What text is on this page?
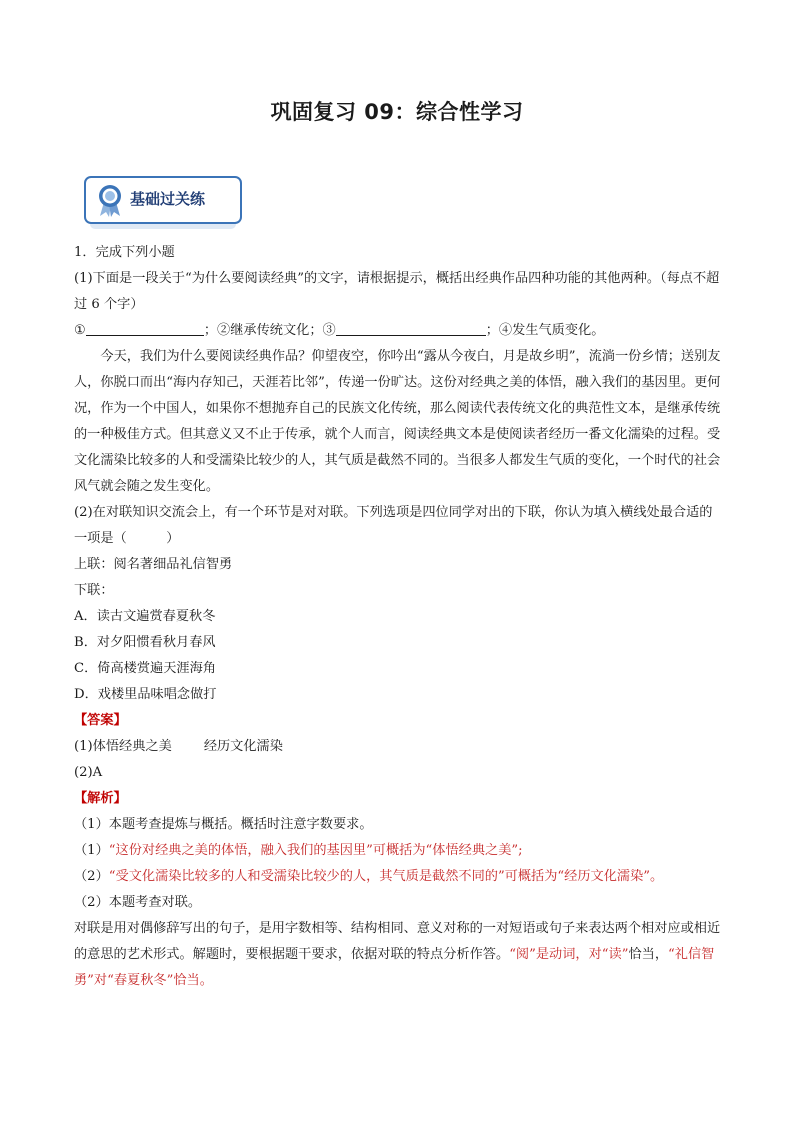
巩固复习 09：综合性学习
基础过关练

1．完成下列小题

(1)下面是一段关于“为什么要阅读经典”的文字，请根据提示，概括出经典作品四种功能的其他两种。（每点不超过 6 个字）

①	；②继承传统文化；③	；④发生气质变化。

今天，我们为什么要阅读经典作品？仰望夜空，你吟出“露从今夜白，月是故乡明”，流淌一份乡情；送别友人，你脱口而出“海内存知己，天涯若比邻”，传递一份旷达。这份对经典之美的体悟，融入我们的基因里。更何况，作为一个中国人，如果你不想抛弃自己的民族文化传统，那么阅读代表传统文化的典范性文本，是继承传统的一种极佳方式。但其意义又不止于传承，就个人而言，阅读经典文本是使阅读者经历一番文化濡染的过程。受文化濡染比较多的人和受濡染比较少的人，其气质是截然不同的。当很多人都发生气质的变化，一个时代的社会风气就会随之发生变化。

(2)在对联知识交流会上，有一个环节是对对联。下列选项是四位同学对出的下联，你认为填入横线处最合适的一项是（　　　）

上联：阅名著细品礼信智勇

下联：

A．读古文遍赏春夏秋冬

B．对夕阳惯看秋月春风

C．倚高楼赏遍天涯海角

D．戏楼里品味唱念做打

【答案】

(1)体悟经典之美 经历文化濡染

(2)A

【解析】

（1）本题考查提炼与概括。概括时注意字数要求。

（1）“这份对经典之美的体悟，融入我们的基因里”可概括为“体悟经典之美”;

（2）“受文化濡染比较多的人和受濡染比较少的人，其气质是截然不同的”可概括为“经历文化濡染”。

（2）本题考查对联。

对联是用对偶修辞写出的句子，是用字数相等、结构相同、意义对称的一对短语或句子来表达两个相对应或相近的意思的艺术形式。解题时，要根据题干要求，依据对联的特点分析作答。“阅”是动词，对“读”恰当，“礼信智勇”对“春夏秋冬”恰当。
